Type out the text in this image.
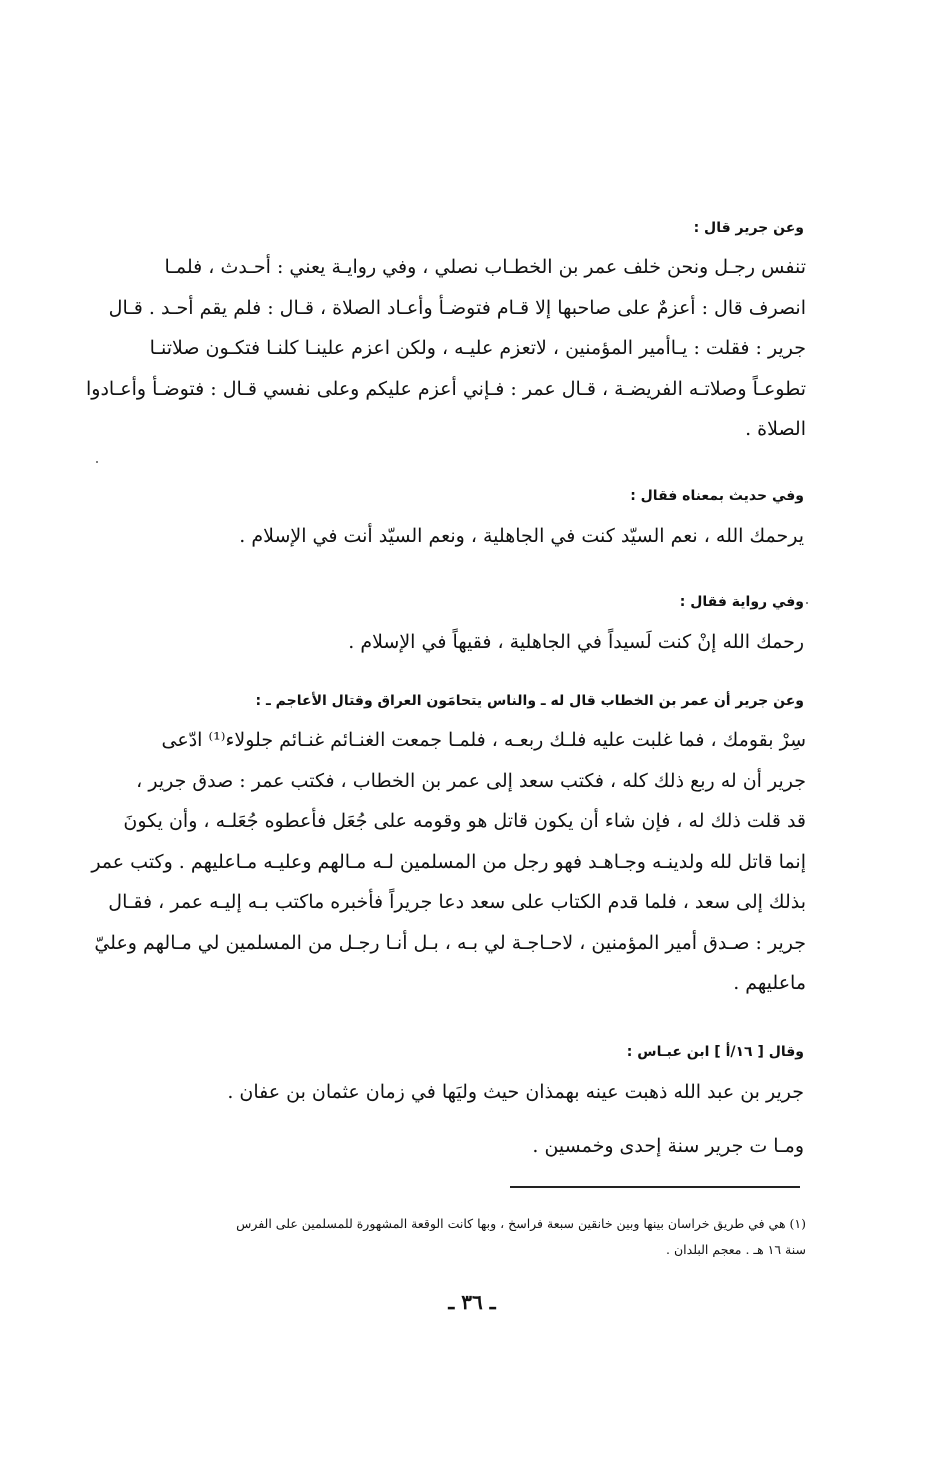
وعن جرير قال :
تنفس رجـل ونحن خلف عمر بن الخطـاب نصلي ، وفي روايـة يعني : أحـدث ، فلمـا
انصرف قال : أعزمٌ على صاحبها إلا قـام فتوضـأ وأعـاد الصلاة ، قـال : فلم يقم أحـد . قـال
جرير : فقلت : يـاأمير المؤمنين ، لاتعزم عليـه ، ولكن اعزم علينـا كلنـا فتكـون صلاتنـا
تطوعـاً وصلاتـه الفريضـة ، قـال عمر : فـإني أعزم عليكم وعلى نفسي قـال : فتوضـأ وأعـادوا
الصلاة .
وفي حديث بمعناه فقال :
يرحمك الله ، نعم السيّد كنت في الجاهلية ، ونعم السيّد أنت في الإسلام .
وفي رواية فقال :
رحمك الله إنْ كنت لَسيداً في الجاهلية ، فقيهاً في الإسلام .
وعن جرير أن عمر بن الخطاب قال له ـ والناس يتحامَون العراق وقتال الأعاجم ـ :
سِرْ بقومك ، فما غلبت عليه فلـك ربعـه ، فلمـا جمعت الغنـائم غنـائم جلولاء⁽¹⁾ ادّعى
جرير أن له ربع ذلك كله ، فكتب سعد إلى عمر بن الخطاب ، فكتب عمر : صدق جرير ،
قد قلت ذلك له ، فإن شاء أن يكون قاتل هو وقومه على جُعَل فأعطوه جُعَلـه ، وأن يكونَ
إنما قاتل لله ولدينـه وجـاهـد فهو رجل من المسلمين لـه مـالهم وعليـه مـاعليهم . وكتب عمر
بذلك إلى سعد ، فلما قدم الكتاب على سعد دعا جريراً فأخبره ماكتب بـه إليـه عمر ، فقـال
جرير : صـدق أمير المؤمنين ، لاحـاجـة لي بـه ، بـل أنـا رجـل من المسلمين لي مـالهم وعليّ
ماعليهم .
وقال [ ١٦/أ ] ابن عبـاس :
جرير بن عبد الله ذهبت عينه بهمذان حيث وليَها في زمان عثمان بن عفان .
ومـا ت جرير سنة إحدى وخمسين .
(١) هي في طريق خراسان بينها وبين خانقين سبعة فراسخ ، وبها كانت الوقعة المشهورة للمسلمين على الفرس
سنة ١٦ هـ . معجم البلدان .
ـ ٣٦ ـ
